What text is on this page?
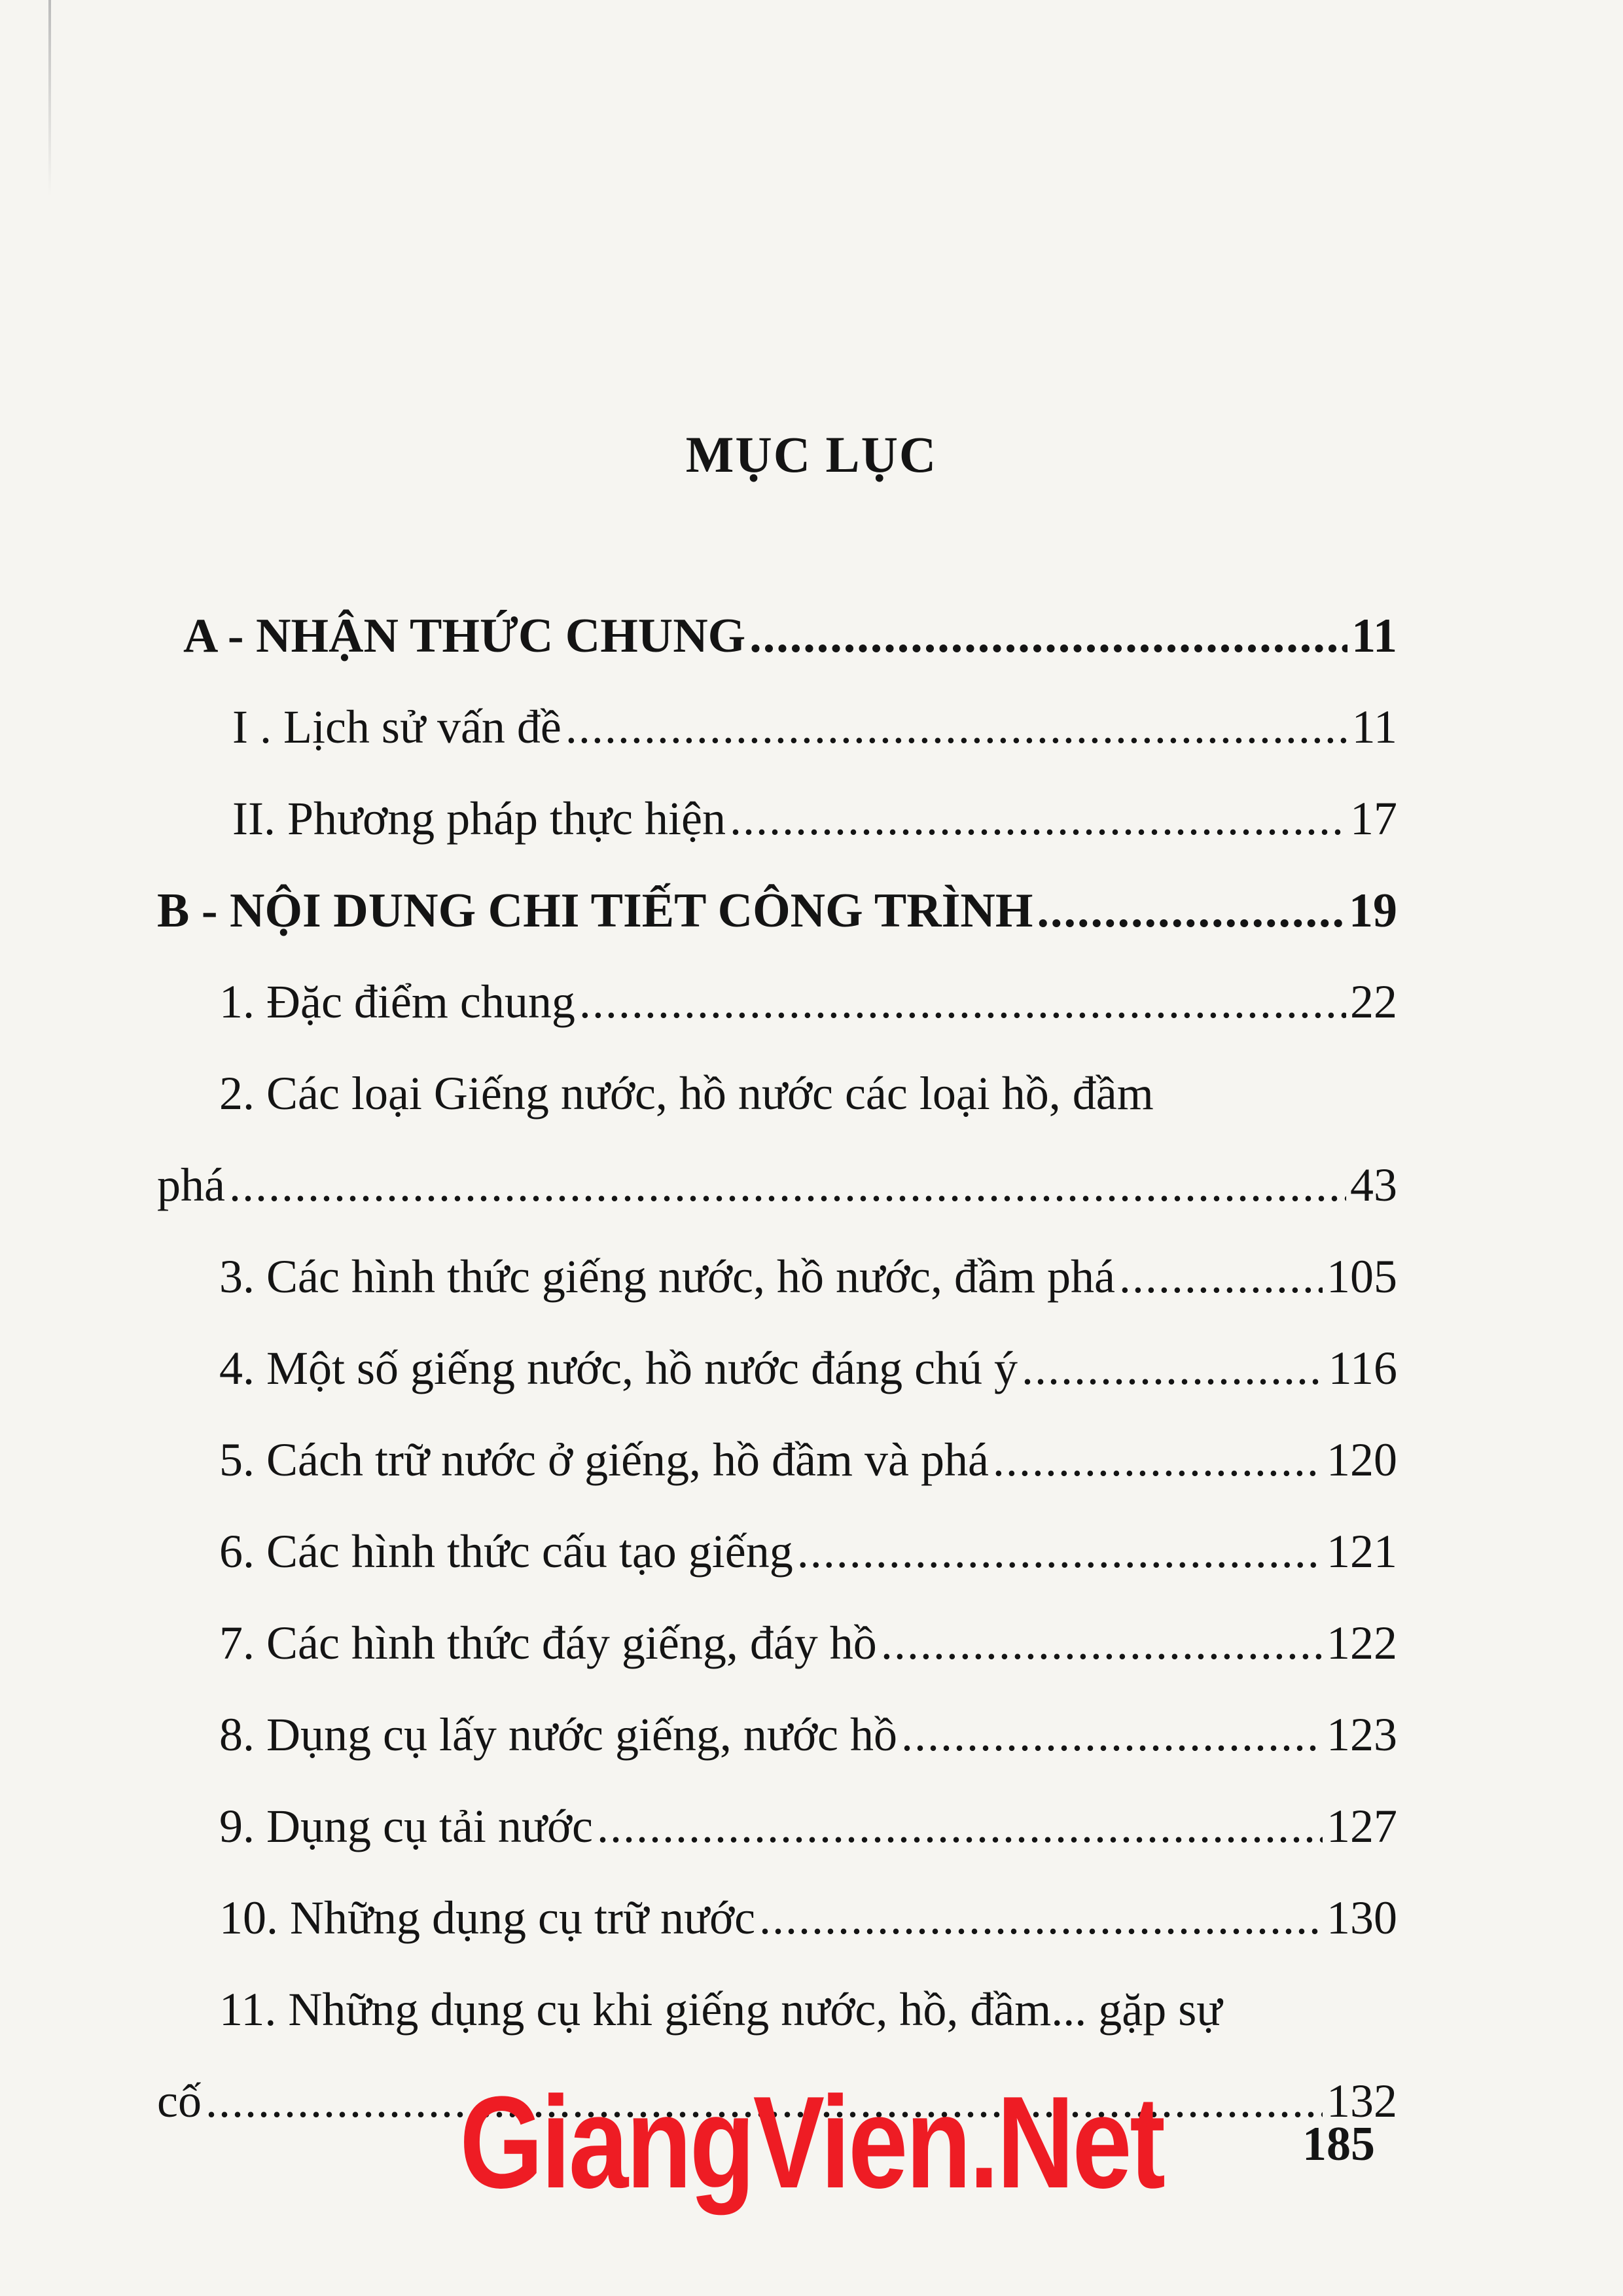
MỤC LỤC
A - NHẬN THỨC CHUNG .....	11
I . Lịch sử vấn đề .....	11
II. Phương pháp thực hiện .....	17
B - NỘI DUNG CHI TIẾT CÔNG TRÌNH .....	19
1. Đặc điểm chung .....	22
2. Các loại Giếng nước, hồ nước các loại hồ, đầm
phá .....	43
3. Các hình thức giếng nước, hồ nước, đầm phá .....	105
4. Một số giếng nước, hồ nước đáng chú ý .....	116
5. Cách trữ nước ở giếng, hồ đầm và phá .....	120
6. Các hình thức cấu tạo giếng .....	121
7. Các hình thức đáy giếng, đáy hồ .....	122
8. Dụng cụ lấy nước giếng, nước hồ .....	123
9. Dụng cụ tải nước .....	127
10. Những dụng cụ trữ nước .....	130
11. Những dụng cụ khi giếng nước, hồ, đầm... gặp sự
cố .....	132
GiangVien.Net	185
